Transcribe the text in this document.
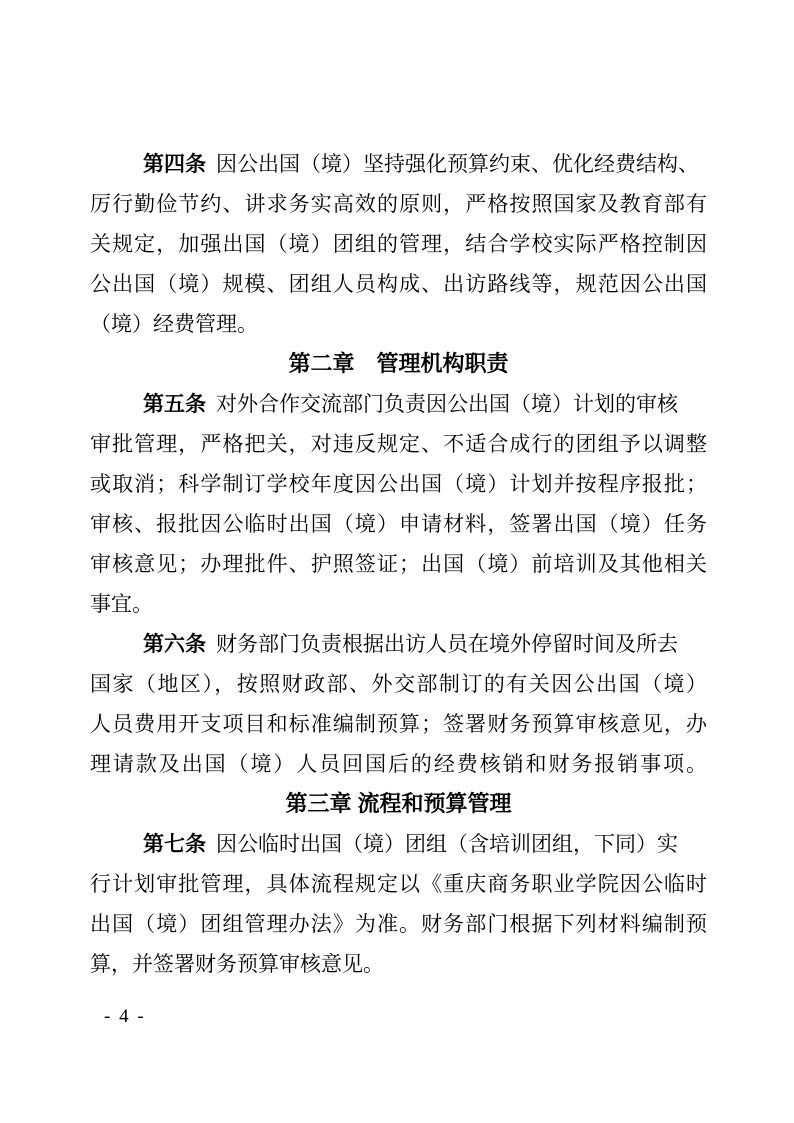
第四条 因公出国（境）坚持强化预算约束、优化经费结构、
厉行勤俭节约、讲求务实高效的原则，严格按照国家及教育部有
关规定，加强出国（境）团组的管理，结合学校实际严格控制因
公出国（境）规模、团组人员构成、出访路线等，规范因公出国
（境）经费管理。
第二章　管理机构职责
第五条 对外合作交流部门负责因公出国（境）计划的审核
审批管理，严格把关，对违反规定、不适合成行的团组予以调整
或取消；科学制订学校年度因公出国（境）计划并按程序报批；
审核、报批因公临时出国（境）申请材料，签署出国（境）任务
审核意见；办理批件、护照签证；出国（境）前培训及其他相关
事宜。
第六条 财务部门负责根据出访人员在境外停留时间及所去
国家（地区），按照财政部、外交部制订的有关因公出国（境）
人员费用开支项目和标准编制预算；签署财务预算审核意见，办
理请款及出国（境）人员回国后的经费核销和财务报销事项。
第三章 流程和预算管理
第七条 因公临时出国（境）团组（含培训团组，下同）实
行计划审批管理，具体流程规定以《重庆商务职业学院因公临时
出国（境）团组管理办法》为准。财务部门根据下列材料编制预
算，并签署财务预算审核意见。
- 4 -
